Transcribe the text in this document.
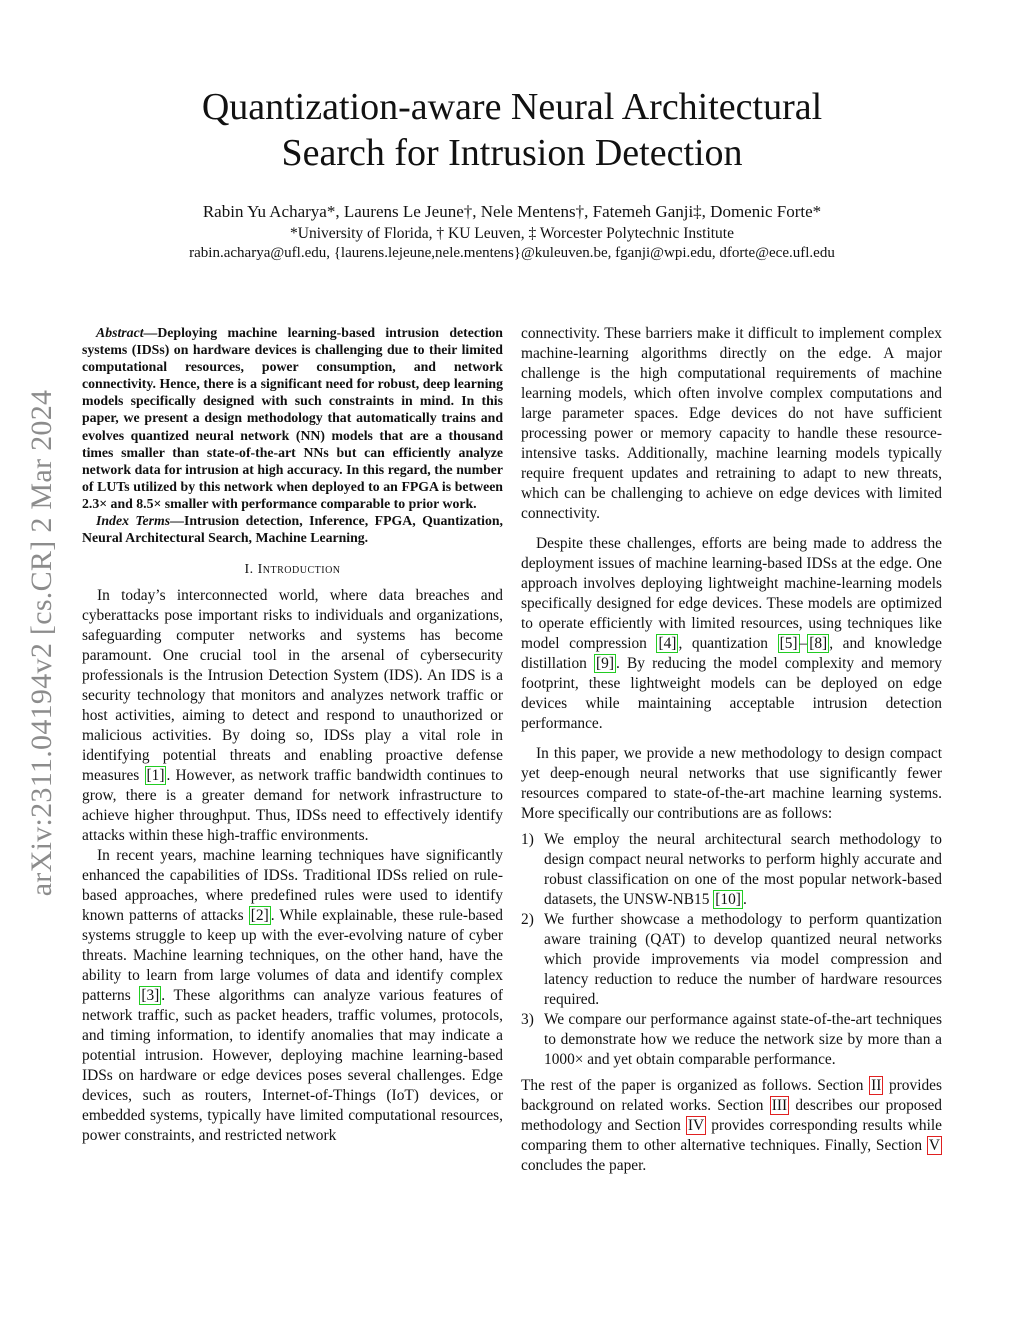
arXiv:2311.04194v2 [cs.CR] 2 Mar 2024
Quantization-aware Neural Architectural
Search for Intrusion Detection
Rabin Yu Acharya*, Laurens Le Jeune†, Nele Mentens†, Fatemeh Ganji‡, Domenic Forte*
*University of Florida, † KU Leuven, ‡ Worcester Polytechnic Institute
rabin.acharya@ufl.edu, {laurens.lejeune,nele.mentens}@kuleuven.be, fganji@wpi.edu, dforte@ece.ufl.edu

Abstract—Deploying machine learning-based intrusion detection systems (IDSs) on hardware devices is challenging due to their limited computational resources, power consumption, and network connectivity. Hence, there is a significant need for robust, deep learning models specifically designed with such constraints in mind. In this paper, we present a design methodology that automatically trains and evolves quantized neural network (NN) models that are a thousand times smaller than state-of-the-art NNs but can efficiently analyze network data for intrusion at high accuracy. In this regard, the number of LUTs utilized by this network when deployed to an FPGA is between 2.3× and 8.5× smaller with performance comparable to prior work.

Index Terms—Intrusion detection, Inference, FPGA, Quantization, Neural Architectural Search, Machine Learning.

I. Introduction

In today’s interconnected world, where data breaches and cyberattacks pose important risks to individuals and organizations, safeguarding computer networks and systems has become paramount. One crucial tool in the arsenal of cybersecurity professionals is the Intrusion Detection System (IDS). An IDS is a security technology that monitors and analyzes network traffic or host activities, aiming to detect and respond to unauthorized or malicious activities. By doing so, IDSs play a vital role in identifying potential threats and enabling proactive defense measures [1] . However, as network traffic bandwidth continues to grow, there is a greater demand for network infrastructure to achieve higher throughput. Thus, IDSs need to effectively identify attacks within these high-traffic environments.

In recent years, machine learning techniques have significantly enhanced the capabilities of IDSs. Traditional IDSs relied on rule-based approaches, where predefined rules were used to identify known patterns of attacks [2] . While explainable, these rule-based systems struggle to keep up with the ever-evolving nature of cyber threats. Machine learning techniques, on the other hand, have the ability to learn from large volumes of data and identify complex patterns [3] . These algorithms can analyze various features of network traffic, such as packet headers, traffic volumes, protocols, and timing information, to identify anomalies that may indicate a potential intrusion. However, deploying machine learning-based IDSs on hardware or edge devices poses several challenges. Edge devices, such as routers, Internet-of-Things (IoT) devices, or embedded systems, typically have limited computational resources, power constraints, and restricted network

connectivity. These barriers make it difficult to implement complex machine-learning algorithms directly on the edge. A major challenge is the high computational requirements of machine learning models, which often involve complex computations and large parameter spaces. Edge devices do not have sufficient processing power or memory capacity to handle these resource-intensive tasks. Additionally, machine learning models typically require frequent updates and retraining to adapt to new threats, which can be challenging to achieve on edge devices with limited connectivity.

Despite these challenges, efforts are being made to address the deployment issues of machine learning-based IDSs at the edge. One approach involves deploying lightweight machine-learning models specifically designed for edge devices. These models are optimized to operate efficiently with limited resources, using techniques like model compression [4] , quantization [5] – [8] , and knowledge distillation [9] . By reducing the model complexity and memory footprint, these lightweight models can be deployed on edge devices while maintaining acceptable intrusion detection performance.

In this paper, we provide a new methodology to design compact yet deep-enough neural networks that use significantly fewer resources compared to state-of-the-art machine learning systems. More specifically our contributions are as follows:

1) We employ the neural architectural search methodology to design compact neural networks to perform highly accurate and robust classification on one of the most popular network-based datasets, the UNSW-NB15 [10] .
2) We further showcase a methodology to perform quantization aware training (QAT) to develop quantized neural networks which provide improvements via model compression and latency reduction to reduce the number of hardware resources required.
3) We compare our performance against state-of-the-art techniques to demonstrate how we reduce the network size by more than a 1000× and yet obtain comparable performance.

The rest of the paper is organized as follows. Section II provides background on related works. Section III describes our proposed methodology and Section IV provides corresponding results while comparing them to other alternative techniques. Finally, Section V concludes the paper.
